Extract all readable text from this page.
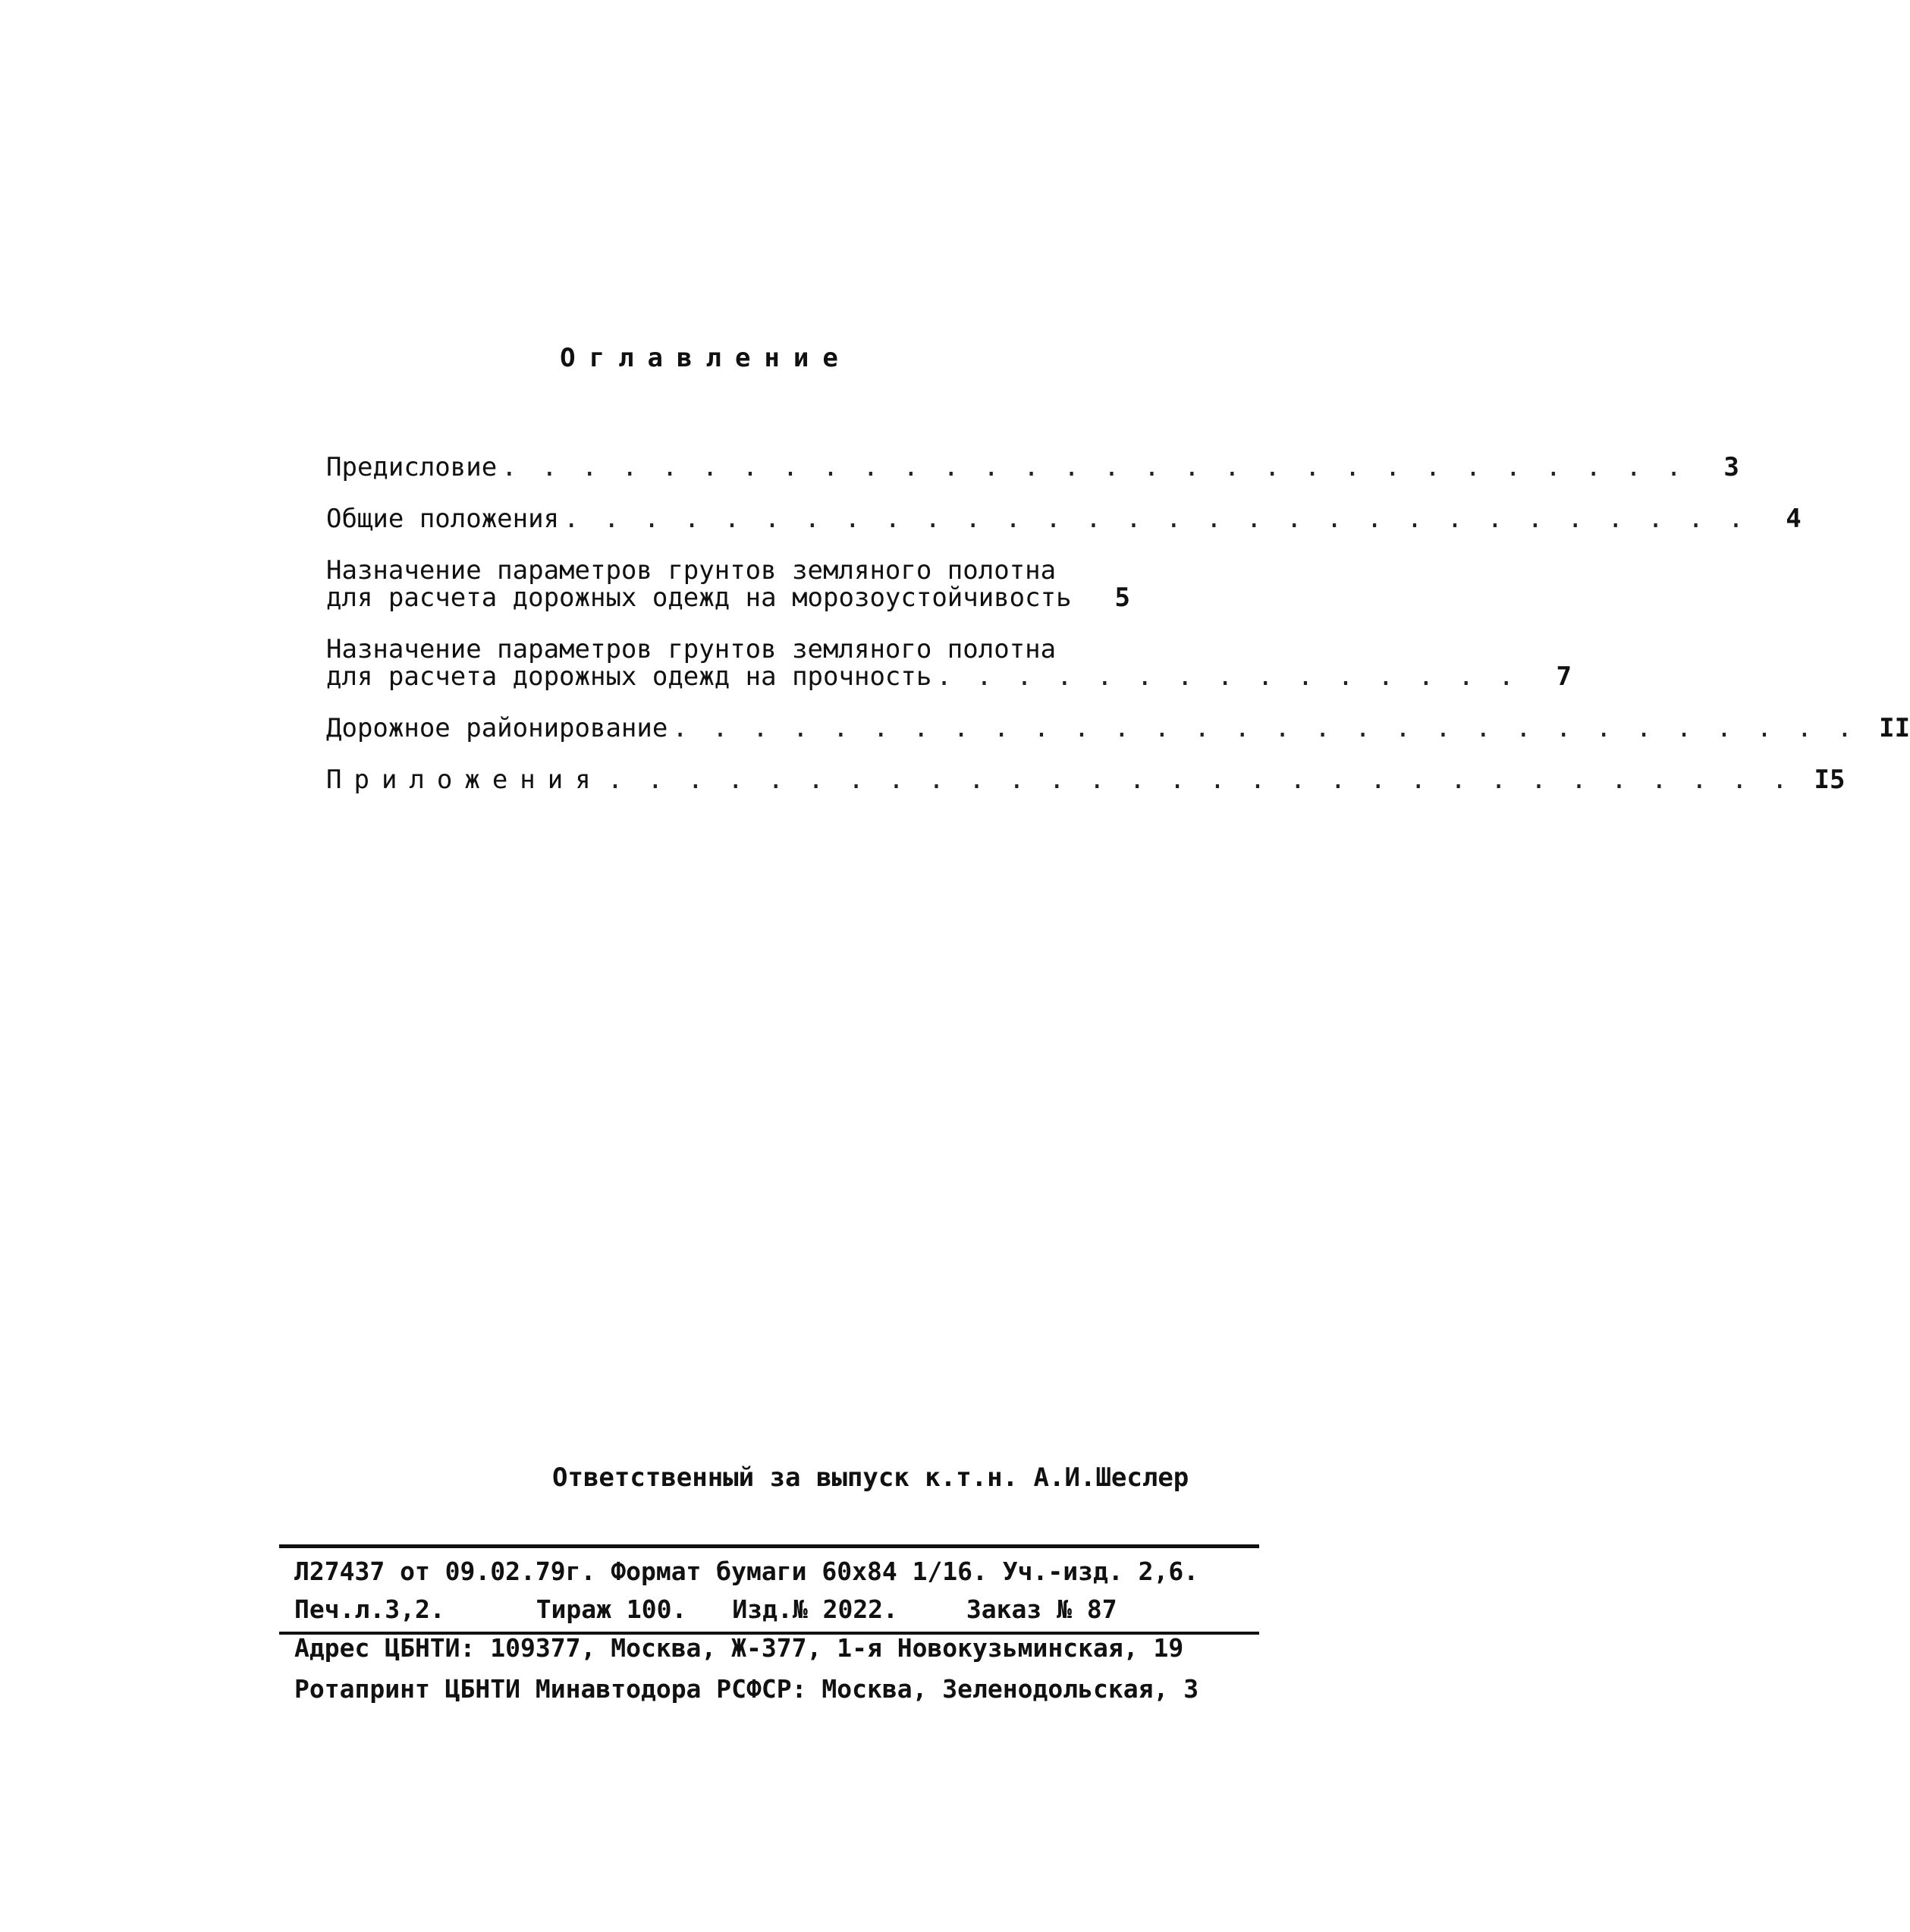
Оглавление
Предисловие . . . . . . . . . . . . . . . . . . . . . . . . . . . . . .	3
Общие положения . . . . . . . . . . . . . . . . . . . . . . . . . . . . . .	4
Назначение параметров грунтов земляного полотна
для расчета дорожных одежд на морозоустойчивость	5
Назначение параметров грунтов земляного полотна
для расчета дорожных одежд на прочность . . . . . . . . . . . . . . .	7
Дорожное районирование . . . . . . . . . . . . . . . . . . . . . . . . . . . . . . II
Приложения . . . . . . . . . . . . . . . . . . . . . . . . . . . . . . I5
Ответственный за выпуск к.т.н. А.И.Шеслер
Л27437 от 09.02.79г. Формат бумаги 60x84 1/16. Уч.-изд. 2,6.
Печ.л.3,2.	Тираж 100. Изд.№ 2022.	Заказ № 87
Адрес ЦБНТИ: 109377, Москва, Ж-377, 1-я Новокузьминская, 19
Ротапринт ЦБНТИ Минавтодора РСФСР: Москва, Зеленодольская, 3
